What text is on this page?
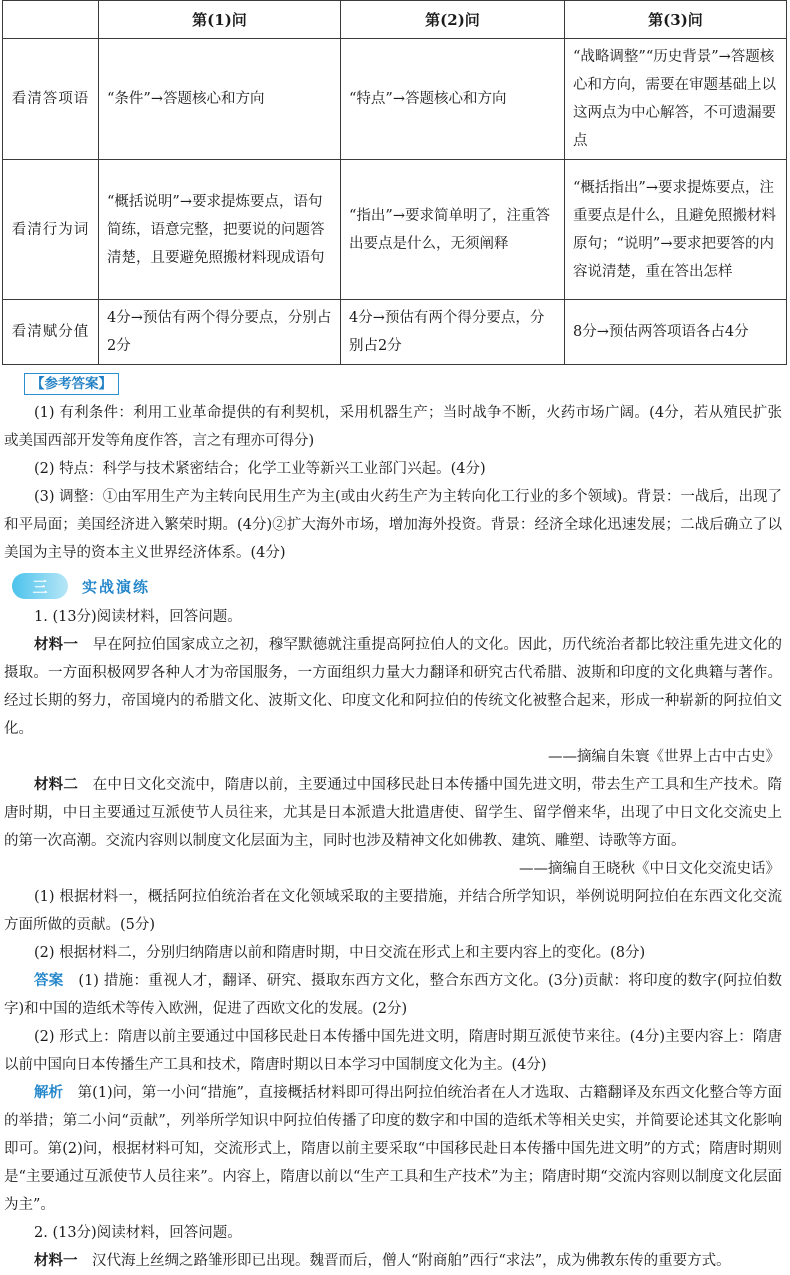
	第(1)问	第(2)问	第(3)问
看清答项语	“条件”→答题核心和方向	“特点”→答题核心和方向	“战略调整”“历史背景”→答题核心和方向，需要在审题基础上以这两点为中心解答，不可遗漏要点
看清行为词	“概括说明”→要求提炼要点，语句简练，语意完整，把要说的问题答清楚，且要避免照搬材料现成语句	“指出”→要求简单明了，注重答出要点是什么，无须阐释	“概括指出”→要求提炼要点，注重要点是什么，且避免照搬材料原句；“说明”→要求把要答的内容说清楚，重在答出怎样
看清赋分值	4分→预估有两个得分要点，分别占2分	4分→预估有两个得分要点，分别占2分	8分→预估两答项语各占4分
【参考答案】

(1) 有利条件：利用工业革命提供的有利契机，采用机器生产；当时战争不断，火药市场广阔。(4分，若从殖民扩张或美国西部开发等角度作答，言之有理亦可得分)

(2) 特点：科学与技术紧密结合；化学工业等新兴工业部门兴起。(4分)

(3) 调整：①由军用生产为主转向民用生产为主(或由火药生产为主转向化工行业的多个领域)。背景：一战后，出现了和平局面；美国经济进入繁荣时期。(4分)②扩大海外市场，增加海外投资。背景：经济全球化迅速发展；二战后确立了以美国为主导的资本主义世界经济体系。(4分)

三	实战演练

1. (13分)阅读材料，回答问题。

材料一　早在阿拉伯国家成立之初，穆罕默德就注重提高阿拉伯人的文化。因此，历代统治者都比较注重先进文化的摄取。一方面积极网罗各种人才为帝国服务，一方面组织力量大力翻译和研究古代希腊、波斯和印度的文化典籍与著作。经过长期的努力，帝国境内的希腊文化、波斯文化、印度文化和阿拉伯的传统文化被整合起来，形成一种崭新的阿拉伯文化。

——摘编自朱寰《世界上古中古史》

材料二　在中日文化交流中，隋唐以前，主要通过中国移民赴日本传播中国先进文明，带去生产工具和生产技术。隋唐时期，中日主要通过互派使节人员往来，尤其是日本派遣大批遣唐使、留学生、留学僧来华，出现了中日文化交流史上的第一次高潮。交流内容则以制度文化层面为主，同时也涉及精神文化如佛教、建筑、雕塑、诗歌等方面。

——摘编自王晓秋《中日文化交流史话》

(1) 根据材料一，概括阿拉伯统治者在文化领域采取的主要措施，并结合所学知识，举例说明阿拉伯在东西文化交流方面所做的贡献。(5分)

(2) 根据材料二，分别归纳隋唐以前和隋唐时期，中日交流在形式上和主要内容上的变化。(8分)

答案　(1) 措施：重视人才，翻译、研究、摄取东西方文化，整合东西方文化。(3分)贡献：将印度的数字(阿拉伯数字)和中国的造纸术等传入欧洲，促进了西欧文化的发展。(2分)

(2) 形式上：隋唐以前主要通过中国移民赴日本传播中国先进文明，隋唐时期互派使节来往。(4分)主要内容上：隋唐以前中国向日本传播生产工具和技术，隋唐时期以日本学习中国制度文化为主。(4分)

解析　第(1)问，第一小问“措施”，直接概括材料即可得出阿拉伯统治者在人才选取、古籍翻译及东西文化整合等方面的举措；第二小问“贡献”，列举所学知识中阿拉伯传播了印度的数字和中国的造纸术等相关史实，并简要论述其文化影响即可。第(2)问，根据材料可知，交流形式上，隋唐以前主要采取“中国移民赴日本传播中国先进文明”的方式；隋唐时期则是“主要通过互派使节人员往来”。内容上，隋唐以前以“生产工具和生产技术”为主；隋唐时期“交流内容则以制度文化层面为主”。

2. (13分)阅读材料，回答问题。

材料一　汉代海上丝绸之路雏形即已出现。魏晋而后，僧人“附商舶”西行“求法”，成为佛教东传的重要方式。
